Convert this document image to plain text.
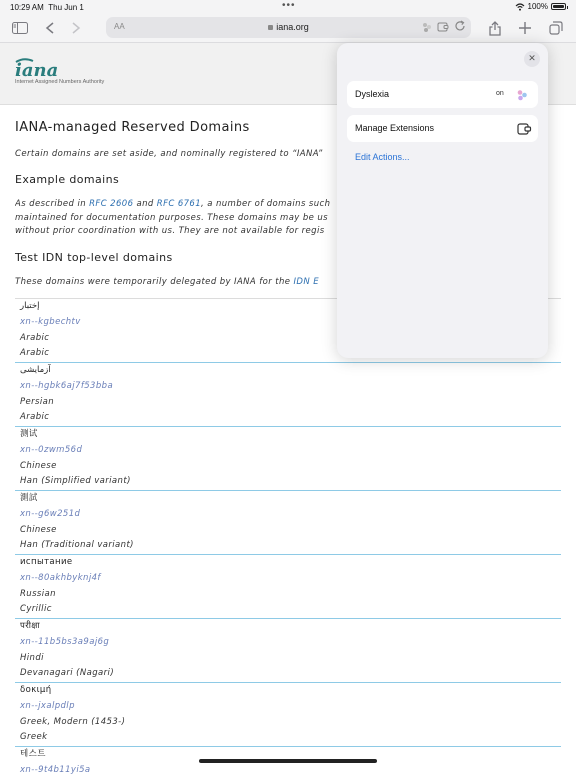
10:29 AM Thu Jun 1	•••	100%
AA	iana.org
iana
Internet Assigned Numbers Authority
IANA-managed Reserved Domains
Certain domains are set aside, and nominally registered to “IANA”
Example domains
As described in RFC 2606 and RFC 6761, a number of domains such
maintained for documentation purposes. These domains may be us
without prior coordination with us. They are not available for regis
Test IDN top-level domains
These domains were temporarily delegated by IANA for the IDN E
إختبار
xn--kgbechtv
Arabic
Arabic
آزمایشی
xn--hgbk6aj7f53bba
Persian
Arabic
测试
xn--0zwm56d
Chinese
Han (Simplified variant)
測試
xn--g6w251d
Chinese
Han (Traditional variant)
испытание
xn--80akhbyknj4f
Russian
Cyrillic
परीक्षा
xn--11b5bs3a9aj6g
Hindi
Devanagari (Nagari)
δοκιμή
xn--jxalpdlp
Greek, Modern (1453-)
Greek
테스트
xn--9t4b11yi5a
✕
Dyslexia	on
Manage Extensions
Edit Actions...
